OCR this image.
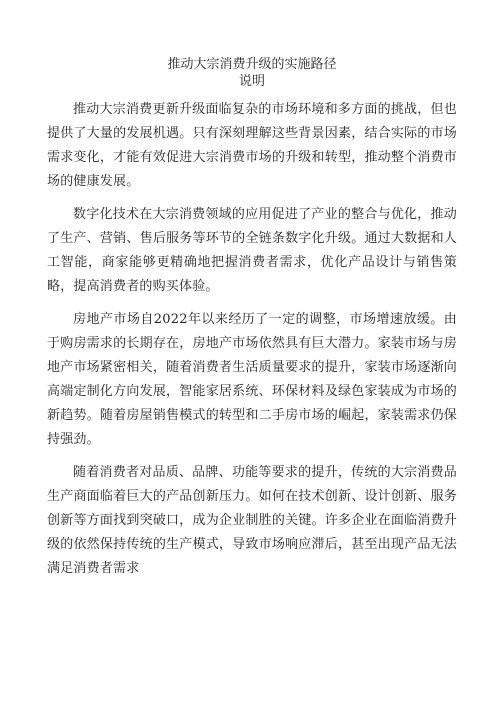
推动大宗消费升级的实施路径
说明

推动大宗消费更新升级面临复杂的市场环境和多方面的挑战，但也提供了大量的发展机遇。只有深刻理解这些背景因素，结合实际的市场需求变化，才能有效促进大宗消费市场的升级和转型，推动整个消费市场的健康发展。

数字化技术在大宗消费领域的应用促进了产业的整合与优化，推动了生产、营销、售后服务等环节的全链条数字化升级。通过大数据和人工智能，商家能够更精确地把握消费者需求，优化产品设计与销售策略，提高消费者的购买体验。

房地产市场自2022年以来经历了一定的调整，市场增速放缓。由于购房需求的长期存在，房地产市场依然具有巨大潜力。家装市场与房地产市场紧密相关，随着消费者生活质量要求的提升，家装市场逐渐向高端定制化方向发展，智能家居系统、环保材料及绿色家装成为市场的新趋势。随着房屋销售模式的转型和二手房市场的崛起，家装需求仍保持强劲。

随着消费者对品质、品牌、功能等要求的提升，传统的大宗消费品生产商面临着巨大的产品创新压力。如何在技术创新、设计创新、服务创新等方面找到突破口，成为企业制胜的关键。许多企业在面临消费升级的依然保持传统的生产模式，导致市场响应滞后，甚至出现产品无法满足消费者需求
